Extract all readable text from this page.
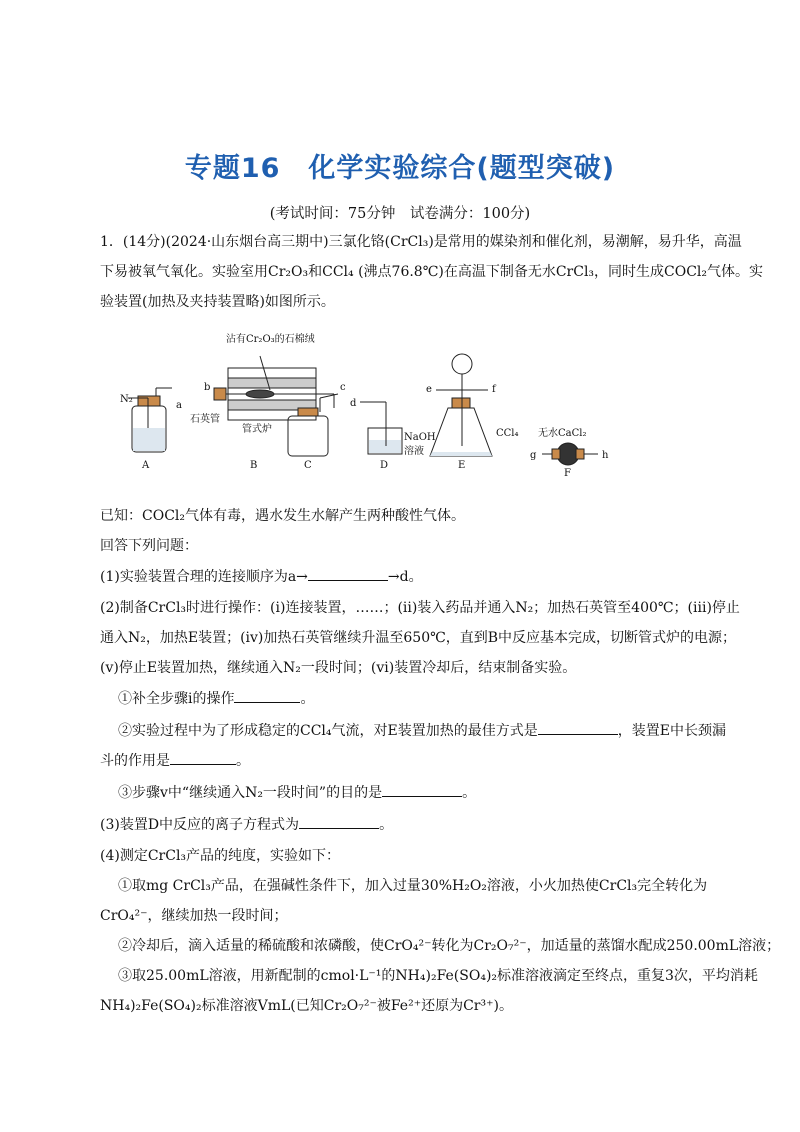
专题16　化学实验综合(题型突破)
(考试时间：75分钟　试卷满分：100分)
1．(14分)(2024·山东烟台高三期中)三氯化铬(CrCl₃)是常用的媒染剂和催化剂，易潮解，易升华，高温
下易被氧气氧化。实验室用Cr₂O₃和CCl₄ (沸点76.8℃)在高温下制备无水CrCl₃，同时生成COCl₂气体。实
验装置(加热及夹持装置略)如图所示。
沾有Cr₂O₃的石棉绒
N₂
a
b	c
d
e	f
g	h
石英管
管式炉
NaOH
溶液
CCl₄ 无水CaCl₂
A	B	C	D	E
F
已知：COCl₂气体有毒，遇水发生水解产生两种酸性气体。
回答下列问题：
(1)实验装置合理的连接顺序为a→	→d。
(2)制备CrCl₃时进行操作：(i)连接装置，……；(ii)装入药品并通入N₂；加热石英管至400℃；(iii)停止
通入N₂，加热E装置；(iv)加热石英管继续升温至650℃，直到B中反应基本完成，切断管式炉的电源；
(v)停止E装置加热，继续通入N₂一段时间；(vi)装置冷却后，结束制备实验。
①补全步骤i的操作	。
②实验过程中为了形成稳定的CCl₄气流，对E装置加热的最佳方式是	，装置E中长颈漏
斗的作用是	。
③步骤v中“继续通入N₂一段时间”的目的是	。
(3)装置D中反应的离子方程式为	。
(4)测定CrCl₃产品的纯度，实验如下：
①取mg CrCl₃产品，在强碱性条件下，加入过量30%H₂O₂溶液，小火加热使CrCl₃完全转化为
CrO₄²⁻，继续加热一段时间；
②冷却后，滴入适量的稀硫酸和浓磷酸，使CrO₄²⁻转化为Cr₂O₇²⁻，加适量的蒸馏水配成250.00mL溶液；
③取25.00mL溶液，用新配制的cmol·L⁻¹的NH₄)₂Fe(SO₄)₂标准溶液滴定至终点，重复3次，平均消耗
NH₄)₂Fe(SO₄)₂标准溶液VmL(已知Cr₂O₇²⁻被Fe²⁺还原为Cr³⁺)。
